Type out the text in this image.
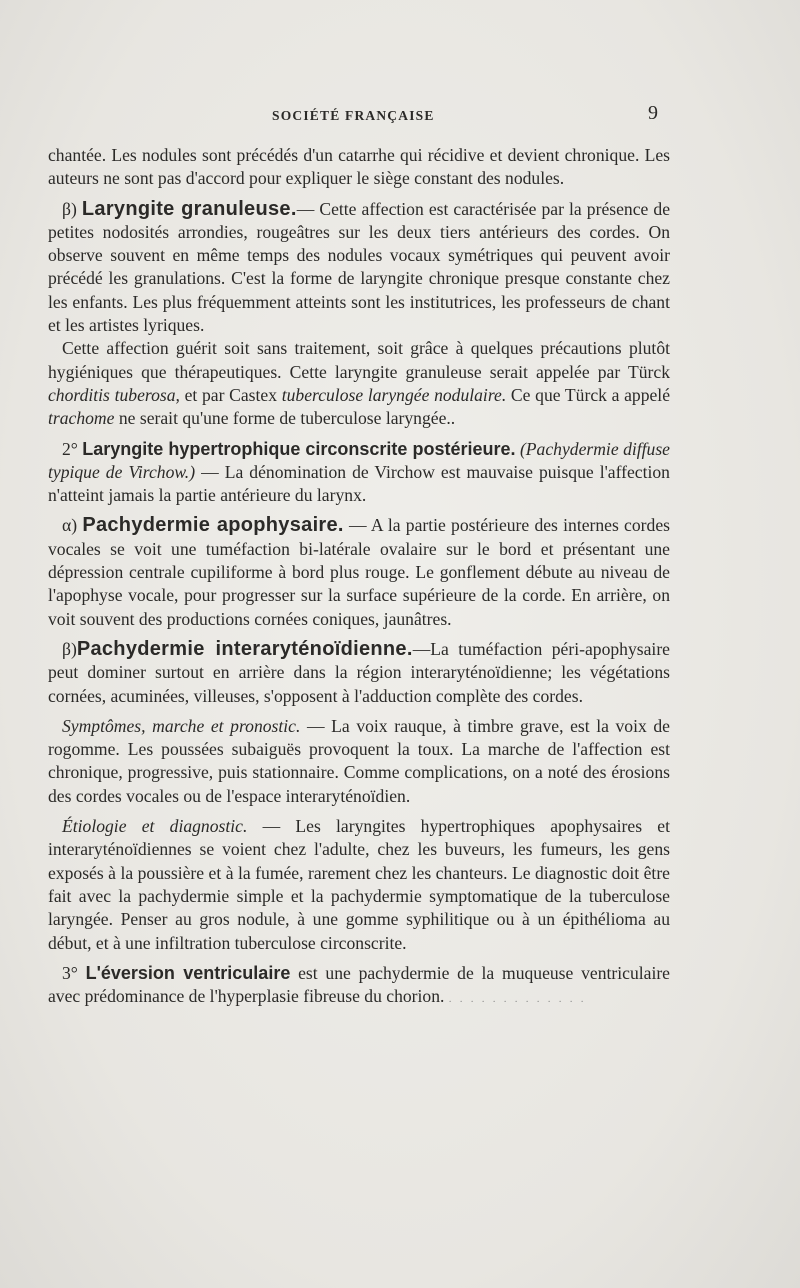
SOCIÉTÉ FRANÇAISE	9

chantée. Les nodules sont précédés d'un catarrhe qui récidive et devient chronique. Les auteurs ne sont pas d'accord pour expliquer le siège constant des nodules.

β) Laryngite granuleuse.— Cette affection est caractérisée par la présence de petites nodosités arrondies, rougeâtres sur les deux tiers antérieurs des cordes. On observe souvent en même temps des nodules vocaux symétriques qui peuvent avoir précédé les granulations. C'est la forme de laryngite chronique presque constante chez les enfants. Les plus fréquemment atteints sont les institutrices, les professeurs de chant et les artistes lyriques.

Cette affection guérit soit sans traitement, soit grâce à quelques précautions plutôt hygiéniques que thérapeutiques. Cette laryngite granuleuse serait appelée par Türck chorditis tuberosa, et par Castex tuberculose laryngée nodulaire. Ce que Türck a appelé trachome ne serait qu'une forme de tuberculose laryngée..

2° Laryngite hypertrophique circonscrite postérieure. (Pachydermie diffuse typique de Virchow.) — La dénomination de Virchow est mauvaise puisque l'affection n'atteint jamais la partie antérieure du larynx.

α) Pachydermie apophysaire. — A la partie postérieure des internes cordes vocales se voit une tuméfaction bi-latérale ovalaire sur le bord et présentant une dépression centrale cupiliforme à bord plus rouge. Le gonflement débute au niveau de l'apophyse vocale, pour progresser sur la surface supérieure de la corde. En arrière, on voit souvent des productions cornées coniques, jaunâtres.

β)Pachydermie interaryténoïdienne.—La tuméfaction péri-apophysaire peut dominer surtout en arrière dans la région interaryténoïdienne; les végétations cornées, acuminées, villeuses, s'opposent à l'adduction complète des cordes.

Symptômes, marche et pronostic. — La voix rauque, à timbre grave, est la voix de rogomme. Les poussées subaiguës provoquent la toux. La marche de l'affection est chronique, progressive, puis stationnaire. Comme complications, on a noté des érosions des cordes vocales ou de l'espace interaryténoïdien.

Étiologie et diagnostic. — Les laryngites hypertrophiques apophysaires et interaryténoïdiennes se voient chez l'adulte, chez les buveurs, les fumeurs, les gens exposés à la poussière et à la fumée, rarement chez les chanteurs. Le diagnostic doit être fait avec la pachydermie simple et la pachydermie symptomatique de la tuberculose laryngée. Penser au gros nodule, à une gomme syphilitique ou à un épithélioma au début, et à une infiltration tuberculose circonscrite.

3° L'éversion ventriculaire est une pachydermie de la muqueuse ventriculaire avec prédominance de l'hyperplasie fibreuse du chorion. . . . . . . . . . . . . .
